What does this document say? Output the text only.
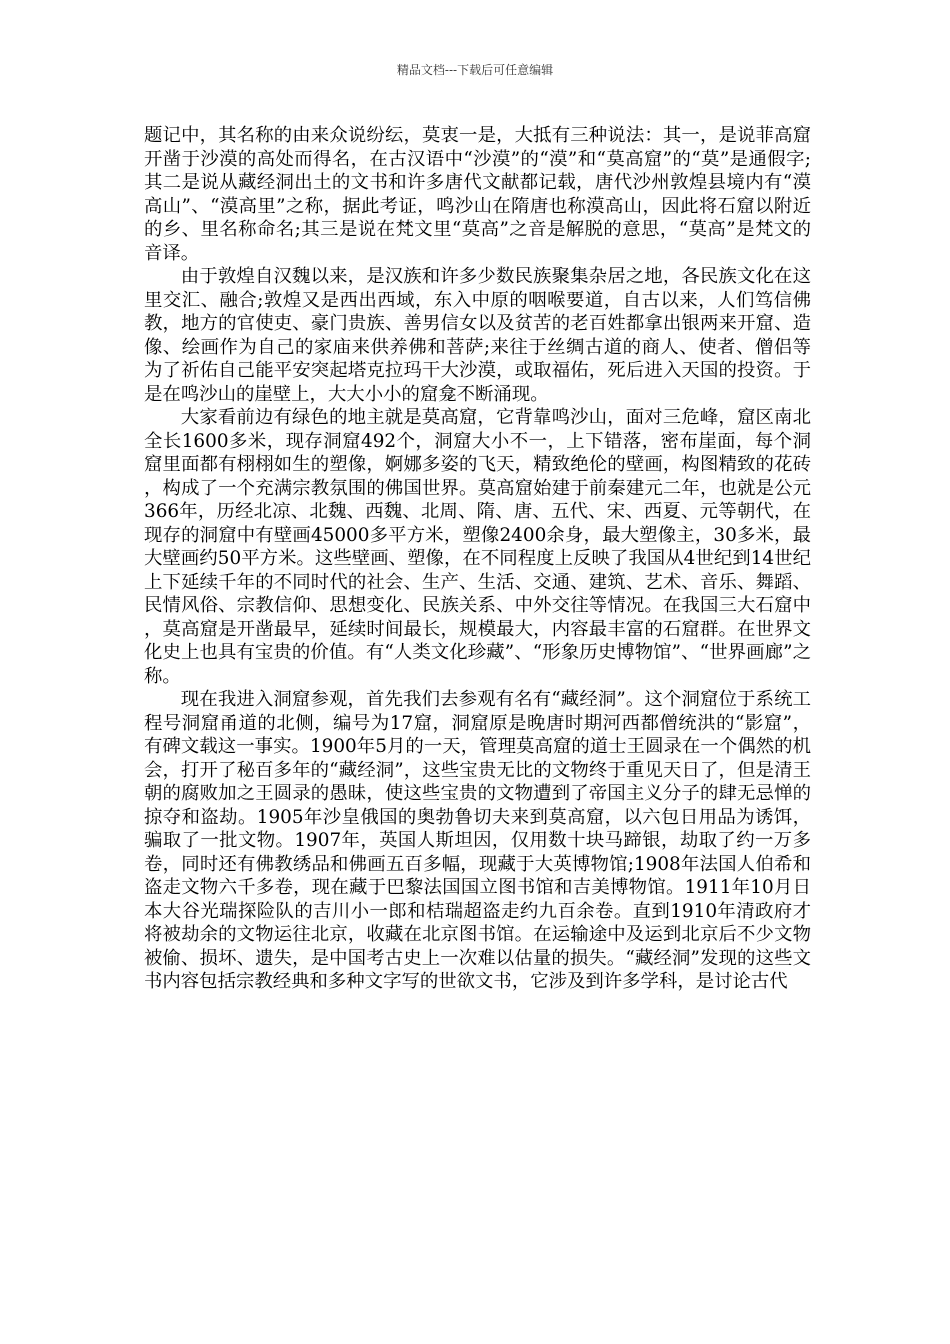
精品文档---下载后可任意编辑

题记中，其名称的由来众说纷纭，莫衷一是，大抵有三种说法：其一，是说菲高窟开凿于沙漠的高处而得名，在古汉语中“沙漠”的“漠”和“莫高窟”的“莫”是通假字;其二是说从藏经洞出土的文书和许多唐代文献都记载，唐代沙州敦煌县境内有“漠高山”、“漠高里”之称，据此考证，鸣沙山在隋唐也称漠高山，因此将石窟以附近的乡、里名称命名;其三是说在梵文里“莫高”之音是解脱的意思，“莫高”是梵文的音译。

由于敦煌自汉魏以来，是汉族和许多少数民族聚集杂居之地，各民族文化在这里交汇、融合;敦煌又是西出西域，东入中原的咽喉要道，自古以来，人们笃信佛教，地方的官使吏、豪门贵族、善男信女以及贫苦的老百姓都拿出银两来开窟、造像、绘画作为自己的家庙来供养佛和菩萨;来往于丝绸古道的商人、使者、僧侣等为了祈佑自己能平安突起塔克拉玛干大沙漠，或取福佑，死后进入天国的投资。于是在鸣沙山的崖壁上，大大小小的窟龛不断涌现。

大家看前边有绿色的地主就是莫高窟，它背靠鸣沙山，面对三危峰，窟区南北全长1600多米，现存洞窟492个，洞窟大小不一，上下错落，密布崖面，每个洞窟里面都有栩栩如生的塑像，婀娜多姿的飞天，精致绝伦的壁画，构图精致的花砖，构成了一个充满宗教氛围的佛国世界。莫高窟始建于前秦建元二年，也就是公元366年，历经北凉、北魏、西魏、北周、隋、唐、五代、宋、西夏、元等朝代，在现存的洞窟中有壁画45000多平方米，塑像2400余身，最大塑像主，30多米，最大壁画约50平方米。这些壁画、塑像，在不同程度上反映了我国从4世纪到14世纪上下延续千年的不同时代的社会、生产、生活、交通、建筑、艺术、音乐、舞蹈、民情风俗、宗教信仰、思想变化、民族关系、中外交往等情况。在我国三大石窟中，莫高窟是开凿最早，延续时间最长，规模最大，内容最丰富的石窟群。在世界文化史上也具有宝贵的价值。有“人类文化珍藏”、“形象历史博物馆”、“世界画廊”之称。

现在我进入洞窟参观，首先我们去参观有名有“藏经洞”。这个洞窟位于系统工程号洞窟甬道的北侧，编号为17窟，洞窟原是晚唐时期河西都僧统洪的“影窟”，有碑文载这一事实。1900年5月的一天，管理莫高窟的道士王圆录在一个偶然的机会，打开了秘百多年的“藏经洞”，这些宝贵无比的文物终于重见天日了，但是清王朝的腐败加之王圆录的愚昧，使这些宝贵的文物遭到了帝国主义分子的肆无忌惮的掠夺和盗劫。1905年沙皇俄国的奥勃鲁切夫来到莫高窟，以六包日用品为诱饵，骗取了一批文物。1907年，英国人斯坦因，仅用数十块马蹄银，劫取了约一万多卷，同时还有佛教绣品和佛画五百多幅，现藏于大英博物馆;1908年法国人伯希和盗走文物六千多卷，现在藏于巴黎法国国立图书馆和吉美博物馆。1911年10月日本大谷光瑞探险队的吉川小一郎和桔瑞超盗走约九百余卷。直到1910年清政府才将被劫余的文物运往北京，收藏在北京图书馆。在运输途中及运到北京后不少文物被偷、损坏、遗失，是中国考古史上一次难以估量的损失。“藏经洞”发现的这些文书内容包括宗教经典和多种文字写的世欲文书，它涉及到许多学科，是讨论古代
